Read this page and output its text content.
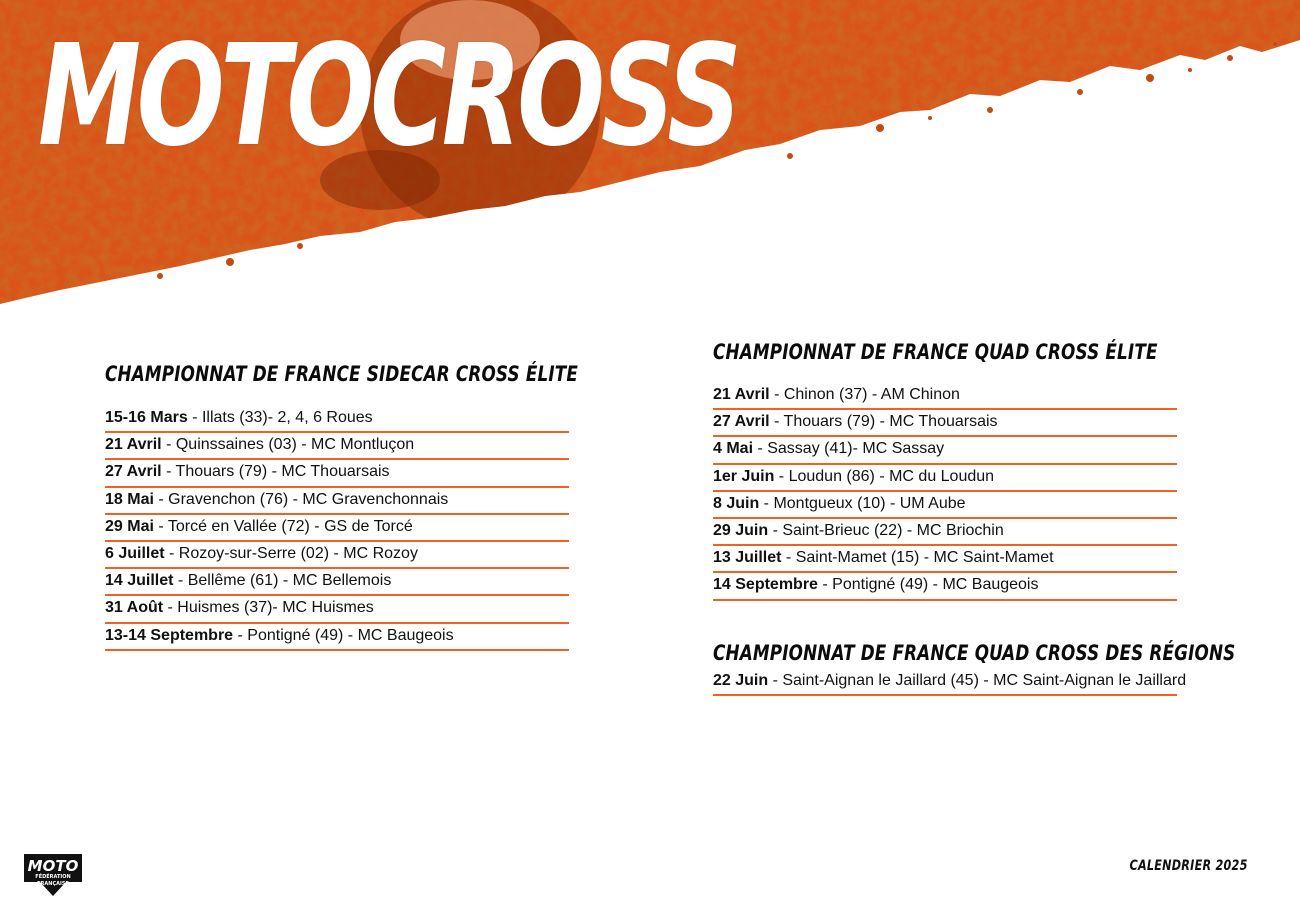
MOTOCROSS
CHAMPIONNAT DE FRANCE SIDECAR CROSS ÉLITE
15-16 Mars - Illats (33)- 2, 4, 6 Roues
21 Avril - Quinssaines (03) - MC Montluçon
27 Avril - Thouars (79) - MC Thouarsais
18 Mai - Gravenchon (76) - MC Gravenchonnais
29 Mai - Torcé en Vallée (72) - GS de Torcé
6 Juillet - Rozoy-sur-Serre (02) - MC Rozoy
14 Juillet - Bellême (61) - MC Bellemois
31 Août - Huismes (37)- MC Huismes
13-14 Septembre - Pontigné (49) - MC Baugeois
CHAMPIONNAT DE FRANCE QUAD CROSS ÉLITE
21 Avril - Chinon (37) - AM Chinon
27 Avril - Thouars (79) - MC Thouarsais
4 Mai - Sassay (41)- MC Sassay
1er Juin - Loudun (86) - MC du Loudun
8 Juin - Montgueux (10) - UM Aube
29 Juin - Saint-Brieuc (22) - MC Briochin
13 Juillet - Saint-Mamet (15) - MC Saint-Mamet
14 Septembre - Pontigné (49) - MC Baugeois
CHAMPIONNAT DE FRANCE QUAD CROSS DES RÉGIONS
22 Juin - Saint-Aignan le Jaillard (45) - MC Saint-Aignan le Jaillard
MOTO
FÉDÉRATION
FRANÇAISE
CALENDRIER 2025
